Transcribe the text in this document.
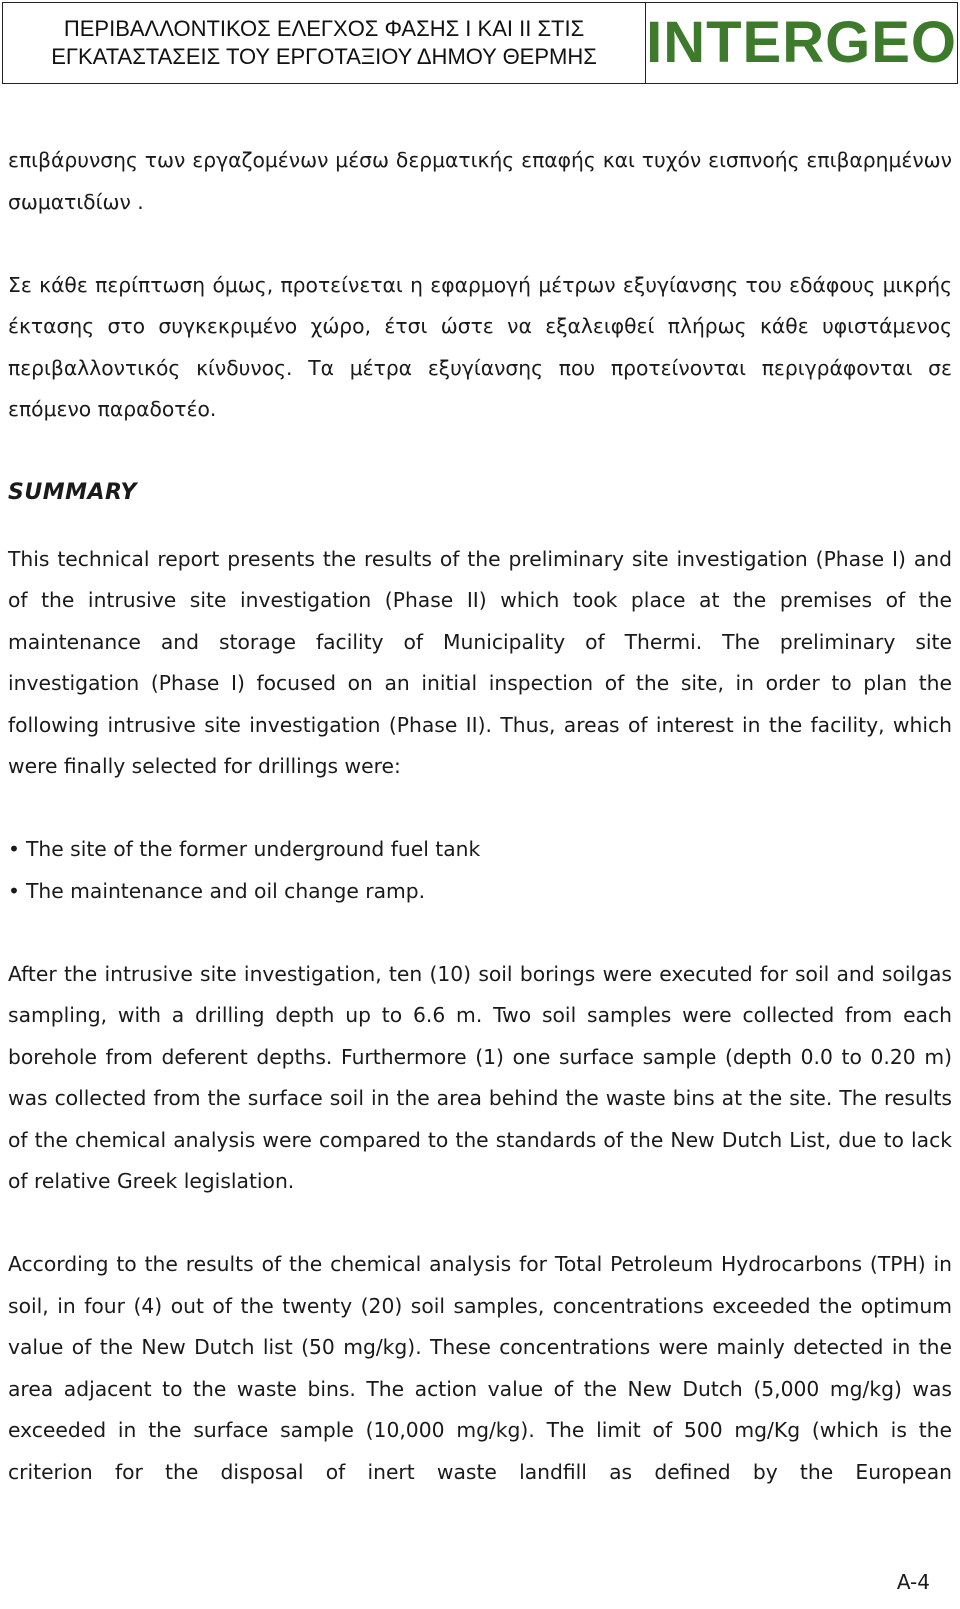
ΠΕΡΙΒΑΛΛΟΝΤΙΚΟΣ ΕΛΕΓΧΟΣ ΦΑΣΗΣ Ι ΚΑΙ ΙΙ ΣΤΙΣ
ΕΓΚΑΤΑΣΤΑΣΕΙΣ ΤΟΥ ΕΡΓΟΤΑΞΙΟΥ ΔΗΜΟΥ ΘΕΡΜΗΣ INTERGEO

επιβάρυνσης των εργαζομένων μέσω δερματικής επαφής και τυχόν εισπνοής επιβαρημένων σωματιδίων .

Σε κάθε περίπτωση όμως, προτείνεται η εφαρμογή μέτρων εξυγίανσης του εδάφους μικρής έκτασης στο συγκεκριμένο χώρο, έτσι ώστε να εξαλειφθεί πλήρως κάθε υφιστάμενος περιβαλλοντικός κίνδυνος. Τα μέτρα εξυγίανσης που προτείνονται περιγράφονται σε επόμενο παραδοτέο.

SUMMARY

This technical report presents the results of the preliminary site investigation (Phase I) and of the intrusive site investigation (Phase II) which took place at the premises of the maintenance and storage facility of Municipality of Thermi. The preliminary site investigation (Phase I) focused on an initial inspection of the site, in order to plan the following intrusive site investigation (Phase II). Thus, areas of interest in the facility, which were finally selected for drillings were:

• The site of the former underground fuel tank
• The maintenance and oil change ramp.

After the intrusive site investigation, ten (10) soil borings were executed for soil and soilgas sampling, with a drilling depth up to 6.6 m. Two soil samples were collected from each borehole from deferent depths. Furthermore (1) one surface sample (depth 0.0 to 0.20 m) was collected from the surface soil in the area behind the waste bins at the site. The results of the chemical analysis were compared to the standards of the New Dutch List, due to lack of relative Greek legislation.

According to the results of the chemical analysis for Total Petroleum Hydrocarbons (TPH) in soil, in four (4) out of the twenty (20) soil samples, concentrations exceeded the optimum value of the New Dutch list (50 mg/kg). These concentrations were mainly detected in the area adjacent to the waste bins. The action value of the New Dutch (5,000 mg/kg) was exceeded in the surface sample (10,000 mg/kg). The limit of 500 mg/Kg (which is the criterion for the disposal of inert waste landfill as defined by the European

A-4
